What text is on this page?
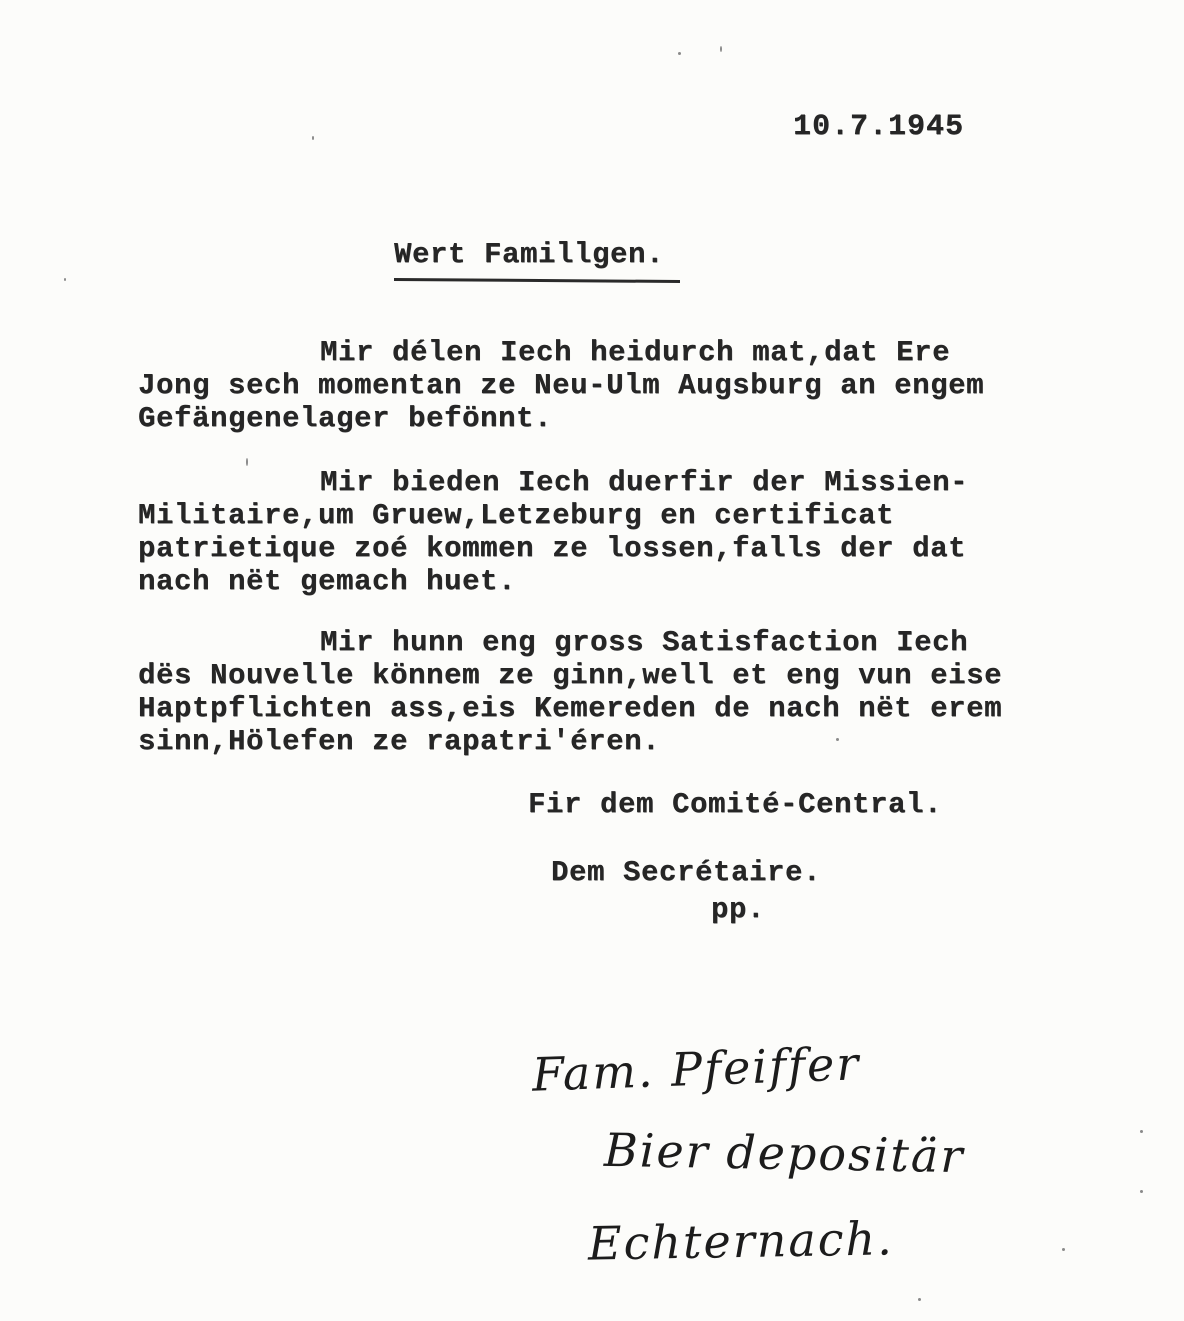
10.7.1945
Wert Famillgen.
Mir délen Iech heidurch mat,dat Ere
Jong sech momentan ze Neu-Ulm Augsburg an engem
Gefängenelager befönnt.
Mir bieden Iech duerfir der Missien-
Militaire,um Gruew,Letzeburg en certificat
patrietique zoé kommen ze lossen,falls der dat
nach nët gemach huet.
Mir hunn eng gross Satisfaction Iech
dës Nouvelle könnem ze ginn,well et eng vun eise
Haptpflichten ass,eis Kemereden de nach nët erem
sinn,Hölefen ze rapatri'éren.
Fir dem Comité-Central.
Dem Secrétaire.
pp.
Fam. Pfeiffer
Bier depositär
Echternach.
